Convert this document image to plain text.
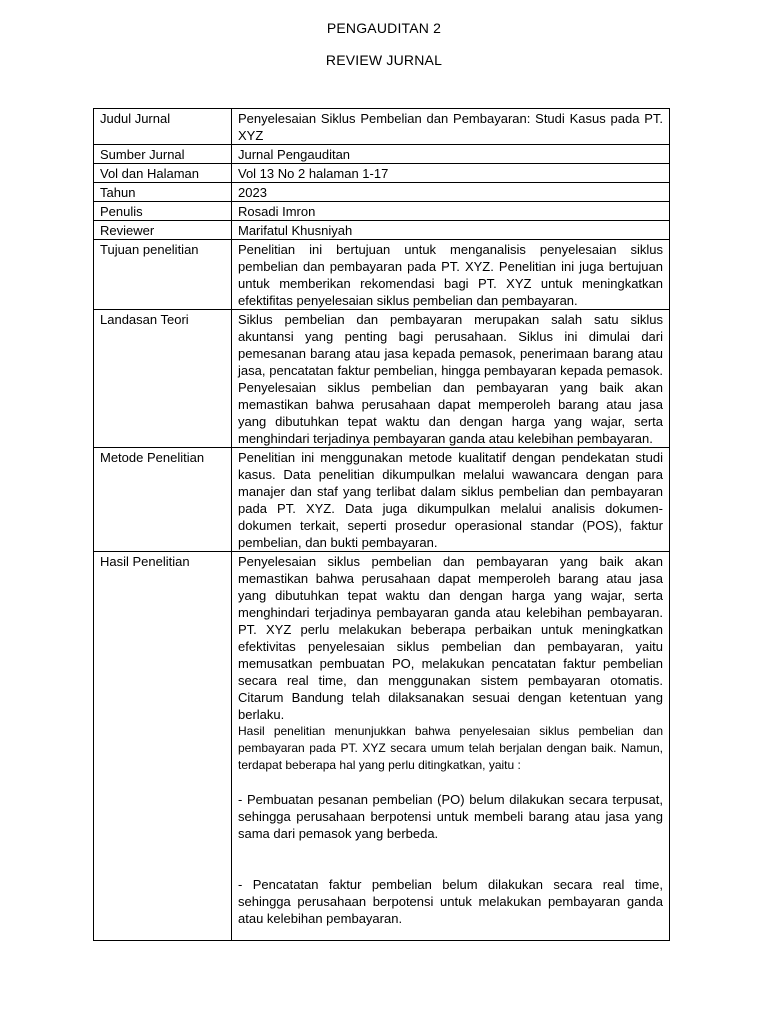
PENGAUDITAN 2
REVIEW JURNAL
Judul Jurnal	Penyelesaian Siklus Pembelian dan Pembayaran: Studi Kasus pada PT. XYZ
Sumber Jurnal	Jurnal Pengauditan
Vol dan Halaman	Vol 13 No 2 halaman 1-17
Tahun	2023
Penulis	Rosadi Imron
Reviewer	Marifatul Khusniyah
Tujuan penelitian	Penelitian ini bertujuan untuk menganalisis penyelesaian siklus pembelian dan pembayaran pada PT. XYZ. Penelitian ini juga bertujuan untuk memberikan rekomendasi bagi PT. XYZ untuk meningkatkan efektifitas penyelesaian siklus pembelian dan pembayaran.
Landasan Teori	Siklus pembelian dan pembayaran merupakan salah satu siklus akuntansi yang penting bagi perusahaan. Siklus ini dimulai dari pemesanan barang atau jasa kepada pemasok, penerimaan barang atau jasa, pencatatan faktur pembelian, hingga pembayaran kepada pemasok. Penyelesaian siklus pembelian dan pembayaran yang baik akan memastikan bahwa perusahaan dapat memperoleh barang atau jasa yang dibutuhkan tepat waktu dan dengan harga yang wajar, serta menghindari terjadinya pembayaran ganda atau kelebihan pembayaran.
Metode Penelitian	Penelitian ini menggunakan metode kualitatif dengan pendekatan studi kasus. Data penelitian dikumpulkan melalui wawancara dengan para manajer dan staf yang terlibat dalam siklus pembelian dan pembayaran pada PT. XYZ. Data juga dikumpulkan melalui analisis dokumen-dokumen terkait, seperti prosedur operasional standar (POS), faktur pembelian, dan bukti pembayaran.
Hasil Penelitian	Penyelesaian siklus pembelian dan pembayaran yang baik akan memastikan bahwa perusahaan dapat memperoleh barang atau jasa yang dibutuhkan tepat waktu dan dengan harga yang wajar, serta menghindari terjadinya pembayaran ganda atau kelebihan pembayaran. PT. XYZ perlu melakukan beberapa perbaikan untuk meningkatkan efektivitas penyelesaian siklus pembelian dan pembayaran, yaitu memusatkan pembuatan PO, melakukan pencatatan faktur pembelian secara real time, dan menggunakan sistem pembayaran otomatis. Citarum Bandung telah dilaksanakan sesuai dengan ketentuan yang berlaku.

Hasil penelitian menunjukkan bahwa penyelesaian siklus pembelian dan pembayaran pada PT. XYZ secara umum telah berjalan dengan baik. Namun, terdapat beberapa hal yang perlu ditingkatkan, yaitu :

- Pembuatan pesanan pembelian (PO) belum dilakukan secara terpusat, sehingga perusahaan berpotensi untuk membeli barang atau jasa yang sama dari pemasok yang berbeda.

- Pencatatan faktur pembelian belum dilakukan secara real time, sehingga perusahaan berpotensi untuk melakukan pembayaran ganda atau kelebihan pembayaran.
